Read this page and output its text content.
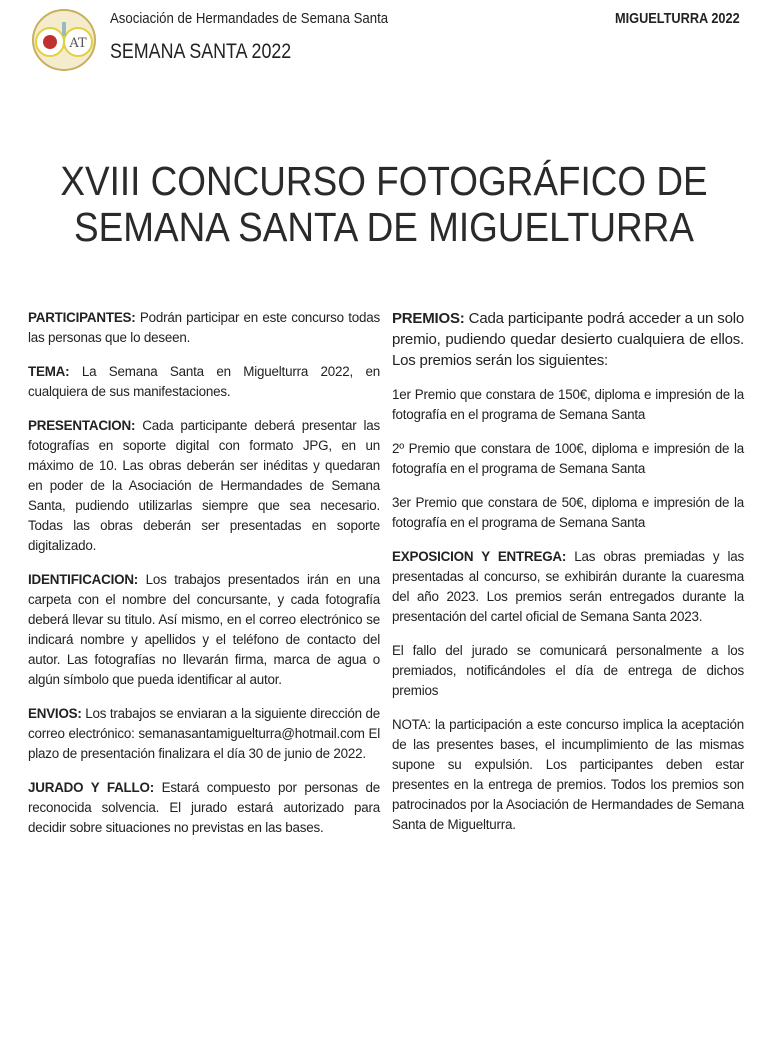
AT
Asociación de Hermandades de Semana Santa
SEMANA SANTA 2022
MIGUELTURRA 2022
XVIII CONCURSO FOTOGRÁFICO DE
SEMANA SANTA DE MIGUELTURRA

PARTICIPANTES: Podrán participar en este concurso todas las personas que lo deseen.

TEMA: La Semana Santa en Miguelturra 2022, en cualquiera de sus manifestaciones.

PRESENTACION: Cada participante deberá presentar las fotografías en soporte digital con formato JPG, en un máximo de 10. Las obras deberán ser inéditas y quedaran en poder de la Asociación de Hermandades de Semana Santa, pudiendo utilizarlas siempre que sea necesario. Todas las obras deberán ser presentadas en soporte digitalizado.

IDENTIFICACION: Los trabajos presentados irán en una carpeta con el nombre del concursante, y cada fotografía deberá llevar su titulo. Así mismo, en el correo electrónico se indicará nombre y apellidos y el teléfono de contacto del autor. Las fotografías no llevarán firma, marca de agua o algún símbolo que pueda identificar al autor.

ENVIOS: Los trabajos se enviaran a la siguiente dirección de correo electrónico: semanasantamiguelturra@hotmail.com El plazo de presentación finalizara el día 30 de junio de 2022.

JURADO Y FALLO: Estará compuesto por personas de reconocida solvencia. El jurado estará autorizado para decidir sobre situaciones no previstas en las bases.

PREMIOS: Cada participante podrá acceder a un solo premio, pudiendo quedar desierto cualquiera de ellos. Los premios serán los siguientes:

1er Premio que constara de 150€, diploma e impresión de la fotografía en el programa de Semana Santa

2º Premio que constara de 100€, diploma e impresión de la fotografía en el programa de Semana Santa

3er Premio que constara de 50€, diploma e impresión de la fotografía en el programa de Semana Santa

EXPOSICION Y ENTREGA: Las obras premiadas y las presentadas al concurso, se exhibirán durante la cuaresma del año 2023. Los premios serán entregados durante la presentación del cartel oficial de Semana Santa 2023.

El fallo del jurado se comunicará personalmente a los premiados, notificándoles el día de entrega de dichos premios

NOTA: la participación a este concurso implica la aceptación de las presentes bases, el incumplimiento de las mismas supone su expulsión. Los participantes deben estar presentes en la entrega de premios. Todos los premios son patrocinados por la Asociación de Hermandades de Semana Santa de Miguelturra.
